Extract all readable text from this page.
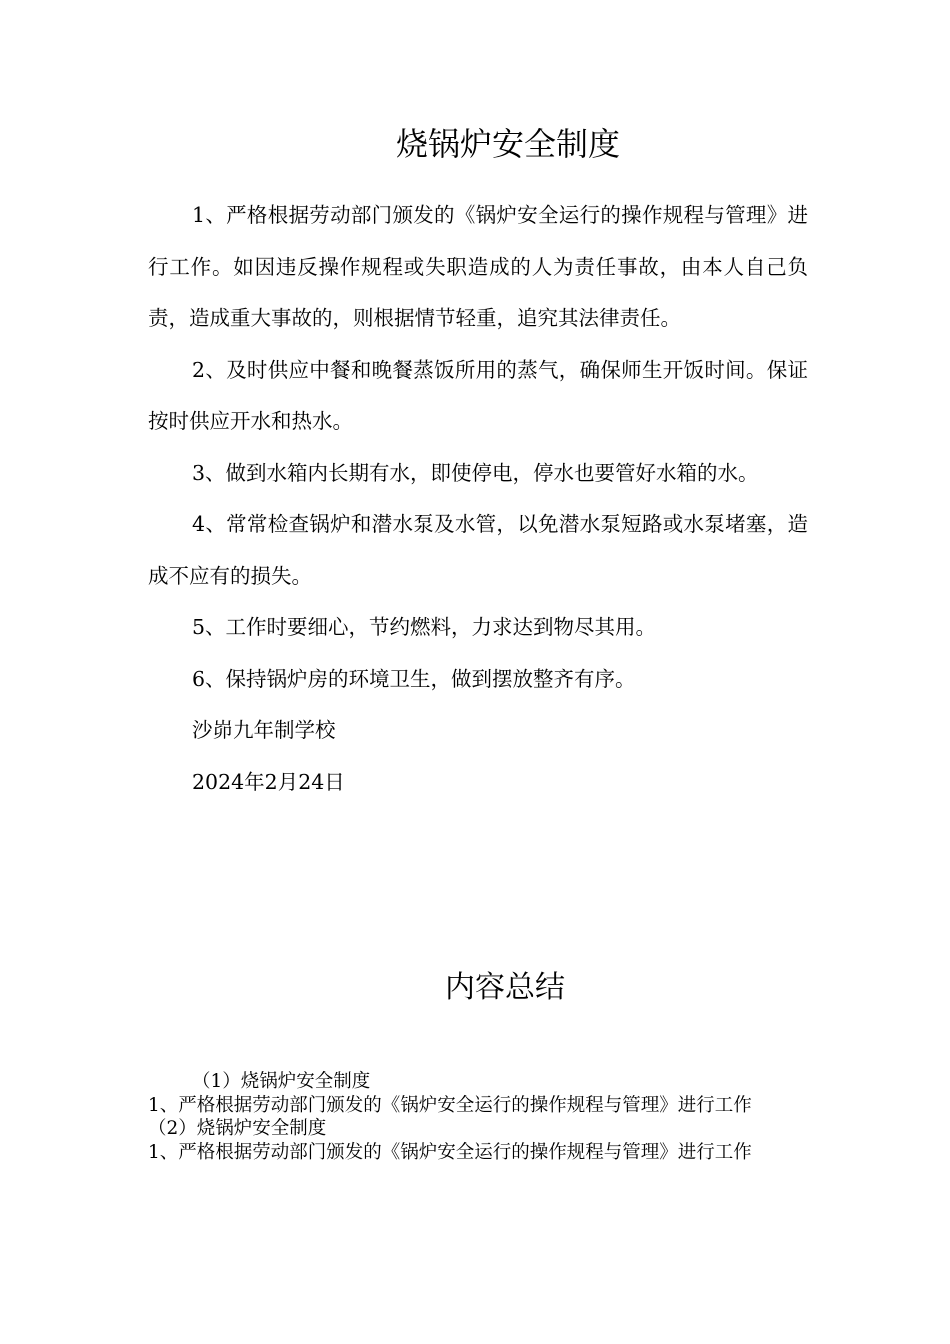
烧锅炉安全制度

1、严格根据劳动部门颁发的《锅炉安全运行的操作规程与管理》进行工作。如因违反操作规程或失职造成的人为责任事故，由本人自己负责，造成重大事故的，则根据情节轻重，追究其法律责任。

2、及时供应中餐和晚餐蒸饭所用的蒸气，确保师生开饭时间。保证按时供应开水和热水。

3、做到水箱内长期有水，即使停电，停水也要管好水箱的水。

4、常常检查锅炉和潜水泵及水管，以免潜水泵短路或水泵堵塞，造成不应有的损失。

5、工作时要细心，节约燃料，力求达到物尽其用。

6、保持锅炉房的环境卫生，做到摆放整齐有序。

沙峁九年制学校

2024年2月24日

内容总结

（1）烧锅炉安全制度

1、严格根据劳动部门颁发的《锅炉安全运行的操作规程与管理》进行工作

（2）烧锅炉安全制度

1、严格根据劳动部门颁发的《锅炉安全运行的操作规程与管理》进行工作
